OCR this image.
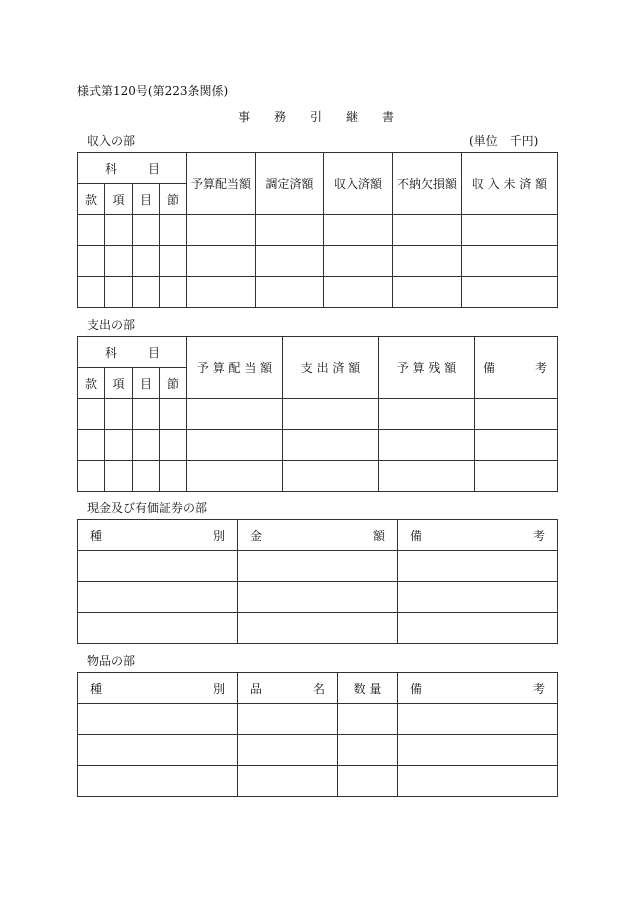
様式第120号(第223条関係)
事　　務　　引　　継　　書
収入の部	(単位　千円)
科 目				予算配当額	調定済額	収入済額	不納欠損額	収 入 未 済 額
款	項	目	節					

支出の部
科 目				予 算 配 当 額	支 出 済 額	予 算 残 額	備 考

款	項	目	節				

現金及び有価証券の部
種 別	金 額	備 考

物品の部
種 別	品 名	数 量	備 考
